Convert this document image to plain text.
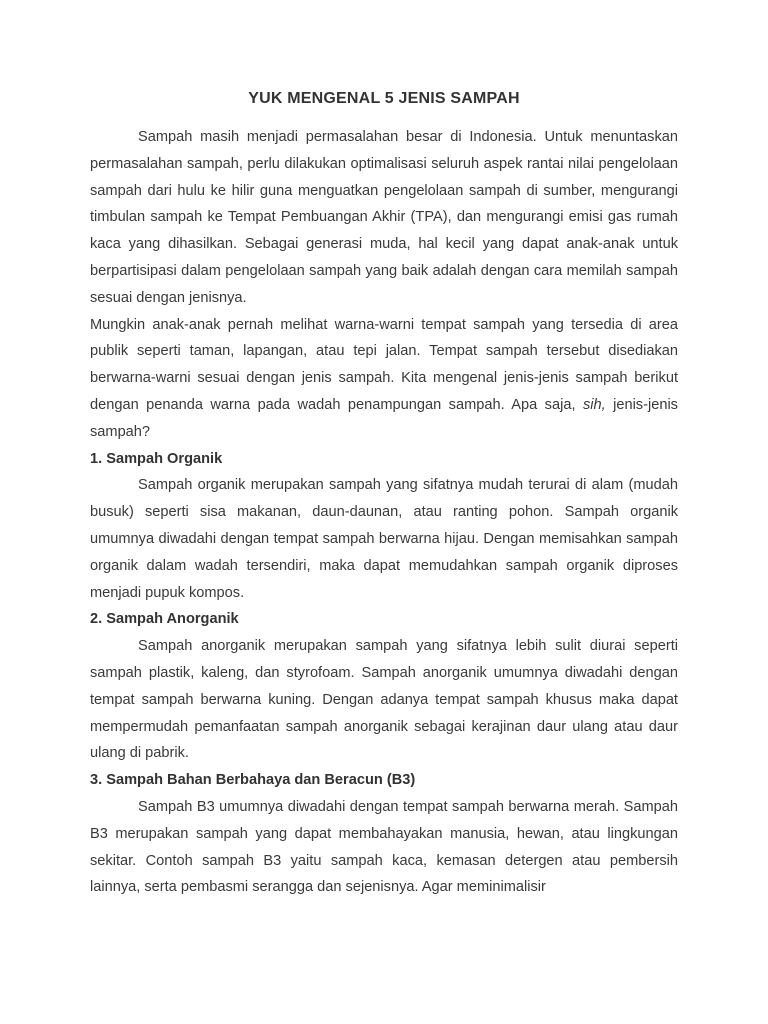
YUK MENGENAL 5 JENIS SAMPAH

Sampah masih menjadi permasalahan besar di Indonesia. Untuk menuntaskan permasalahan sampah, perlu dilakukan optimalisasi seluruh aspek rantai nilai pengelolaan sampah dari hulu ke hilir guna menguatkan pengelolaan sampah di sumber, mengurangi timbulan sampah ke Tempat Pembuangan Akhir (TPA), dan mengurangi emisi gas rumah kaca yang dihasilkan. Sebagai generasi muda, hal kecil yang dapat anak-anak untuk berpartisipasi dalam pengelolaan sampah yang baik adalah dengan cara memilah sampah sesuai dengan jenisnya.

Mungkin anak-anak pernah melihat warna-warni tempat sampah yang tersedia di area publik seperti taman, lapangan, atau tepi jalan. Tempat sampah tersebut disediakan berwarna-warni sesuai dengan jenis sampah. Kita mengenal jenis-jenis sampah berikut dengan penanda warna pada wadah penampungan sampah. Apa saja, sih, jenis-jenis sampah?

1. Sampah Organik

Sampah organik merupakan sampah yang sifatnya mudah terurai di alam (mudah busuk) seperti sisa makanan, daun-daunan, atau ranting pohon. Sampah organik umumnya diwadahi dengan tempat sampah berwarna hijau. Dengan memisahkan sampah organik dalam wadah tersendiri, maka dapat memudahkan sampah organik diproses menjadi pupuk kompos.

2. Sampah Anorganik

Sampah anorganik merupakan sampah yang sifatnya lebih sulit diurai seperti sampah plastik, kaleng, dan styrofoam. Sampah anorganik umumnya diwadahi dengan tempat sampah berwarna kuning. Dengan adanya tempat sampah khusus maka dapat mempermudah pemanfaatan sampah anorganik sebagai kerajinan daur ulang atau daur ulang di pabrik.

3. Sampah Bahan Berbahaya dan Beracun (B3)

Sampah B3 umumnya diwadahi dengan tempat sampah berwarna merah. Sampah B3 merupakan sampah yang dapat membahayakan manusia, hewan, atau lingkungan sekitar. Contoh sampah B3 yaitu sampah kaca, kemasan detergen atau pembersih lainnya, serta pembasmi serangga dan sejenisnya. Agar meminimalisir
